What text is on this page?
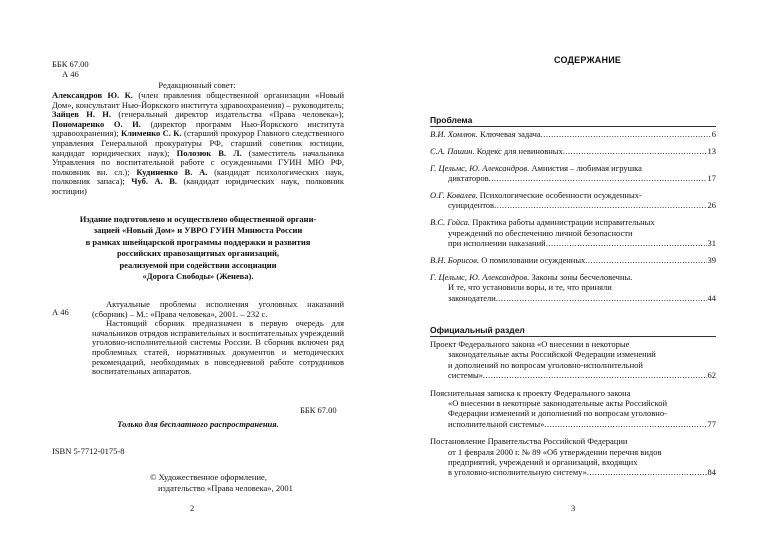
ББК 67.00
А 46
Редакционный совет:
Александров Ю. К. (член правления общественной организации «Новый Дом», консультант Нью-Йоркского института здравоохранения) – руководитель; Зайцев Н. Н. (генеральный директор издательства «Права человека»); Пономаренко О. И. (директор программ Нью-Йоркского института здравоохранения); Клименко С. К. (старший прокурор Главного следственного управления Генеральной прокуратуры РФ, старший советник юстиции, кандидат юридических наук); Полозюк В. Л. (заместитель начальника Управления по воспитательной работе с осужденными ГУИН МЮ РФ, полковник вн. сл.); Кудиненко В. А. (кандидат психологических наук, полковник запаса); Чуб. А. В. (кандидат юридических наук, полковник юстиции)
Издание подготовлено и осуществлено общественной органи-
зацией «Новый Дом» и УВРО ГУИН Минюста России
в рамках швейцарской программы поддержки и развития
российских правозащитных организаций,
реализуемой при содействии ассоциации
«Дорога Свободы» (Женева).
А 46

Актуальные проблемы исполнения уголовных наказаний (сборник) – М.: «Права человека», 2001. – 232 с.

Настоящий сборник предназначен в первую очередь для начальников отрядов исправительных и воспитательных учреждений уголовно-исполнительной системы России. В сборник включен ряд проблемных статей, нормативных документов и методических рекомендаций, необходимых в повседневной работе сотрудников воспитательных аппаратов.

ББК 67.00
Только для бесплатного распространения.
ISBN 5-7712-0175-8
© Художественное оформление,
издательство «Права человека», 2001
2
СОДЕРЖАНИЕ
Проблема
В.И. Хомлюк. Ключевая задача .....	6
С.А. Пашин. Кодекс для невиновных .....	13
Г. Цельмс, Ю. Александров. Амнистия – любимая игрушка
диктаторов .....	17
О.Г. Ковалев. Психологические особенности осужденных-
суицидентов .....	26
В.С. Гойса. Практика работы администрации исправительных
учреждений по обеспечению личной безопасности
при исполнении наказаний .....	31
В.Н. Борисов. О помиловании осужденных .....	39
Г. Цельмс, Ю. Александров. Законы зоны бесчеловечны.
И те, что установили воры, и те, что приняли
законодатели .....	44
Официальный раздел
Проект Федерального закона «О внесении в некоторые
законодательные акты Российской Федерации изменений
и дополнений по вопросам уголовно-исполнительной
системы» .....	62
Пояснительная записка к проекту Федерального закона
«О внесении в некоторые законодательные акты Российской
Федерации изменений и дополнений по вопросам уголовно-
исполнительной системы» .....	77
Постановление Правительства Российской Федерации
от 1 февраля 2000 г. № 89 «Об утверждении перечня видов
предприятий, учреждений и организаций, входящих
в уголовно-исполнительную систему» .....	84
3
